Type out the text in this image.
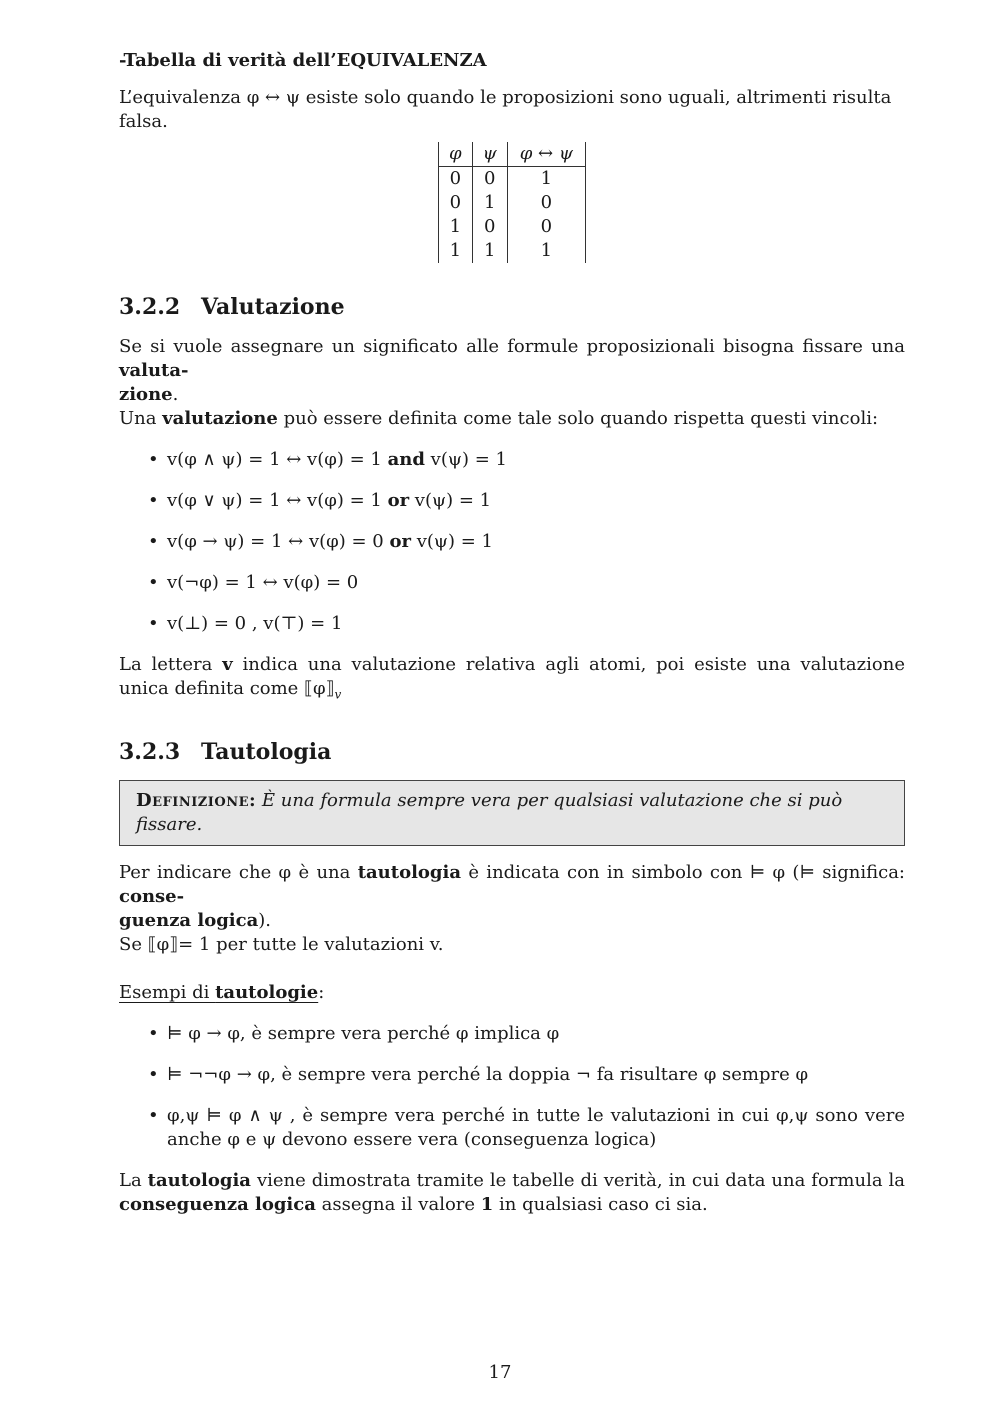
-Tabella di verità dell’EQUIVALENZA

L’equivalenza φ ↔ ψ esiste solo quando le proposizioni sono uguali, altrimenti risulta falsa.

φ	ψ	φ ↔ ψ
0	0	1
0	1	0
1	0	0
1	1	1
3.2.2 Valutazione

Se si vuole assegnare un significato alle formule proposizionali bisogna fissare una valuta-
zione.

Una valutazione può essere definita come tale solo quando rispetta questi vincoli:

• v(φ ∧ ψ) = 1 ↔ v(φ) = 1 and v(ψ) = 1
• v(φ ∨ ψ) = 1 ↔ v(φ) = 1 or v(ψ) = 1
• v(φ → ψ) = 1 ↔ v(φ) = 0 or v(ψ) = 1
• v(¬φ) = 1 ↔ v(φ) = 0
• v(⊥) = 0 , v(⊤) = 1

La lettera v indica una valutazione relativa agli atomi, poi esiste una valutazione unica definita come $⟦\varphi⟧_v$

3.2.3 Tautologia
Definizione: È una formula sempre vera per qualsiasi valutazione che si può fissare.

Per indicare che φ è una tautologia è indicata con in simbolo con ⊨ φ (⊨ significa: conse-
guenza logica).

Se ⟦φ⟧= 1 per tutte le valutazioni v.

Esempi di tautologie:

• ⊨ φ → φ, è sempre vera perché φ implica φ
• ⊨ ¬¬φ → φ, è sempre vera perché la doppia ¬ fa risultare φ sempre φ
• φ,ψ ⊨ φ ∧ ψ , è sempre vera perché in tutte le valutazioni in cui φ,ψ sono vere anche φ e ψ devono essere vera (conseguenza logica)

La tautologia viene dimostrata tramite le tabelle di verità, in cui data una formula la conseguenza logica assegna il valore 1 in qualsiasi caso ci sia.

17
